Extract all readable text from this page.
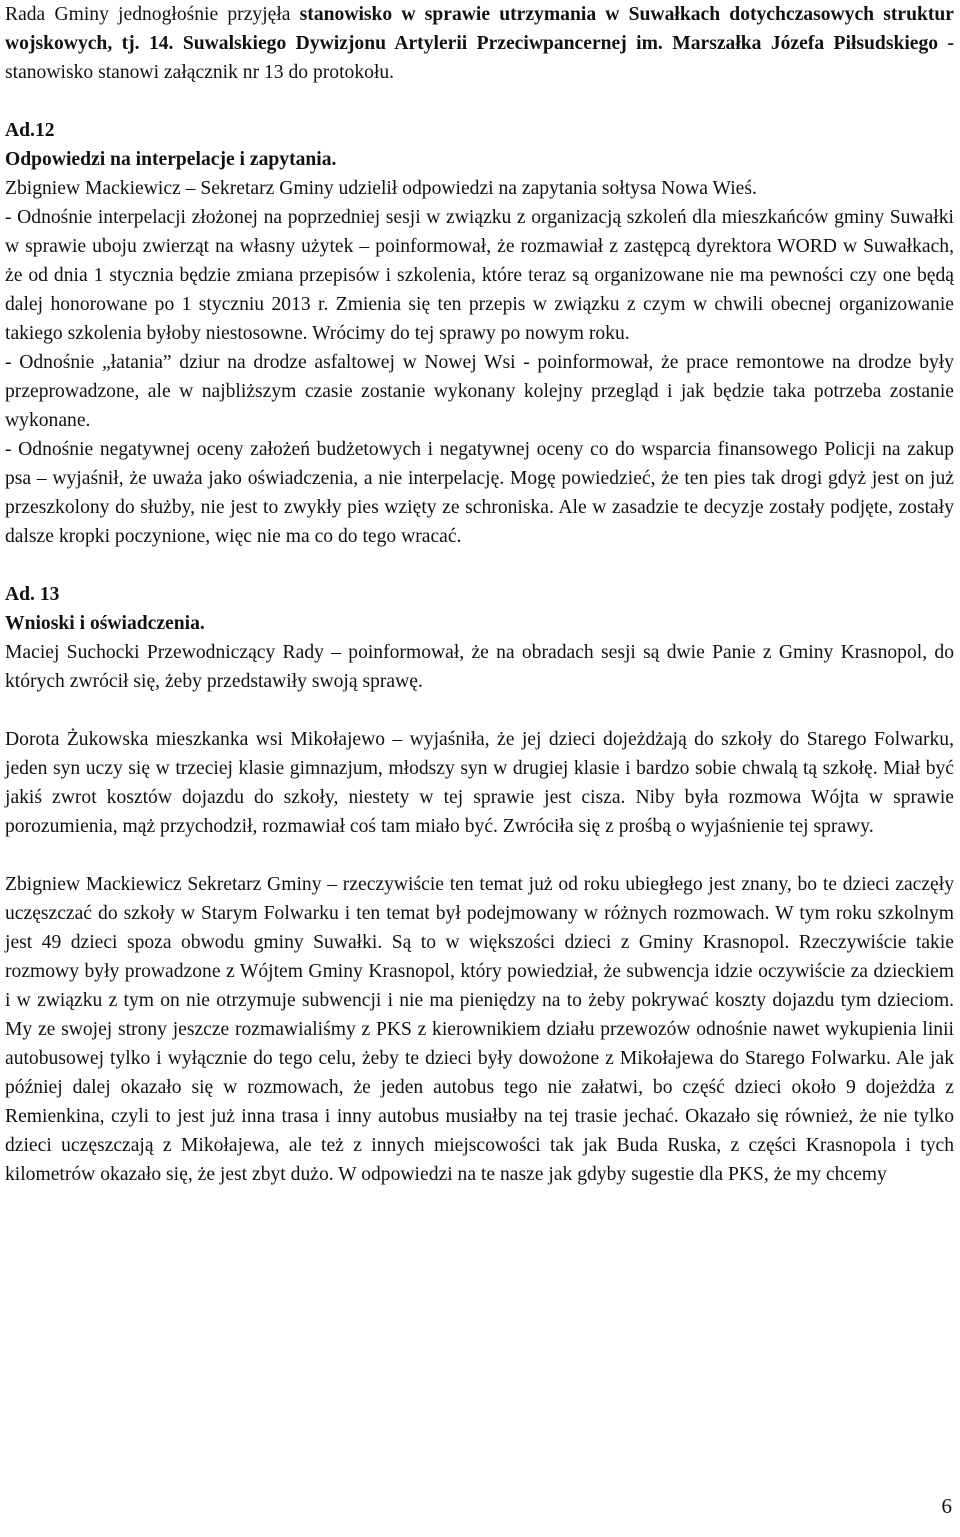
Rada Gminy jednogłośnie przyjęła stanowisko w sprawie utrzymania w Suwałkach dotychczasowych struktur wojskowych, tj. 14. Suwalskiego Dywizjonu Artylerii Przeciwpancernej im. Marszałka Józefa Piłsudskiego - stanowisko stanowi załącznik nr 13 do protokołu.

Ad.12

Odpowiedzi na interpelacje i zapytania.

Zbigniew Mackiewicz – Sekretarz Gminy udzielił odpowiedzi na zapytania sołtysa Nowa Wieś.

- Odnośnie interpelacji złożonej na poprzedniej sesji w związku z organizacją szkoleń dla mieszkańców gminy Suwałki w sprawie uboju zwierząt na własny użytek – poinformował, że rozmawiał z zastępcą dyrektora WORD w Suwałkach, że od dnia 1 stycznia będzie zmiana przepisów i szkolenia, które teraz są organizowane nie ma pewności czy one będą dalej honorowane po 1 styczniu 2013 r. Zmienia się ten przepis w związku z czym w chwili obecnej organizowanie takiego szkolenia byłoby niestosowne. Wrócimy do tej sprawy po nowym roku.

- Odnośnie „łatania” dziur na drodze asfaltowej w Nowej Wsi - poinformował, że prace remontowe na drodze były przeprowadzone, ale w najbliższym czasie zostanie wykonany kolejny przegląd i jak będzie taka potrzeba zostanie wykonane.

- Odnośnie negatywnej oceny założeń budżetowych i negatywnej oceny co do wsparcia finansowego Policji na zakup psa – wyjaśnił, że uważa jako oświadczenia, a nie interpelację. Mogę powiedzieć, że ten pies tak drogi gdyż jest on już przeszkolony do służby, nie jest to zwykły pies wzięty ze schroniska. Ale w zasadzie te decyzje zostały podjęte, zostały dalsze kropki poczynione, więc nie ma co do tego wracać.

Ad. 13

Wnioski i oświadczenia.

Maciej Suchocki Przewodniczący Rady – poinformował, że na obradach sesji są dwie Panie z Gminy Krasnopol, do których zwrócił się, żeby przedstawiły swoją sprawę.

Dorota Żukowska mieszkanka wsi Mikołajewo – wyjaśniła, że jej dzieci dojeżdżają do szkoły do Starego Folwarku, jeden syn uczy się w trzeciej klasie gimnazjum, młodszy syn w drugiej klasie i bardzo sobie chwalą tą szkołę. Miał być jakiś zwrot kosztów dojazdu do szkoły, niestety w tej sprawie jest cisza. Niby była rozmowa Wójta w sprawie porozumienia, mąż przychodził, rozmawiał coś tam miało być. Zwróciła się z prośbą o wyjaśnienie tej sprawy.

Zbigniew Mackiewicz Sekretarz Gminy – rzeczywiście ten temat już od roku ubiegłego jest znany, bo te dzieci zaczęły uczęszczać do szkoły w Starym Folwarku i ten temat był podejmowany w różnych rozmowach. W tym roku szkolnym jest 49 dzieci spoza obwodu gminy Suwałki. Są to w większości dzieci z Gminy Krasnopol. Rzeczywiście takie rozmowy były prowadzone z Wójtem Gminy Krasnopol, który powiedział, że subwencja idzie oczywiście za dzieckiem i w związku z tym on nie otrzymuje subwencji i nie ma pieniędzy na to żeby pokrywać koszty dojazdu tym dzieciom. My ze swojej strony jeszcze rozmawialiśmy z PKS z kierownikiem działu przewozów odnośnie nawet wykupienia linii autobusowej tylko i wyłącznie do tego celu, żeby te dzieci były dowożone z Mikołajewa do Starego Folwarku. Ale jak później dalej okazało się w rozmowach, że jeden autobus tego nie załatwi, bo część dzieci około 9 dojeżdża z Remienkina, czyli to jest już inna trasa i inny autobus musiałby na tej trasie jechać. Okazało się również, że nie tylko dzieci uczęszczają z Mikołajewa, ale też z innych miejscowości tak jak Buda Ruska, z części Krasnopola i tych kilometrów okazało się, że jest zbyt dużo. W odpowiedzi na te nasze jak gdyby sugestie dla PKS, że my chcemy

6
